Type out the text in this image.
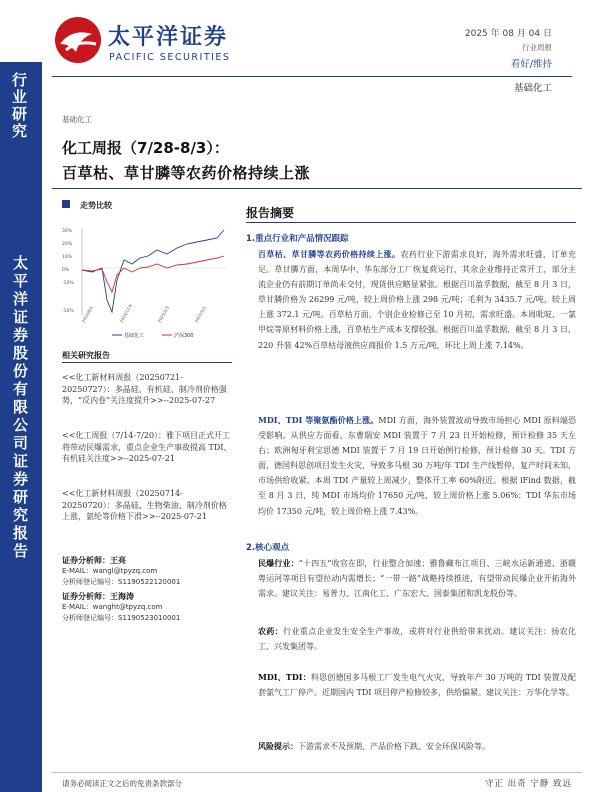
行业研究
太平洋证券股份有限公司证券研究报告
太平洋证券
PACIFIC SECURITIES
2025 年 08 月 04 日
行业周报
看好/维持
基础化工
基础化工
化工周报（7/28-8/3）：
百草枯、草甘膦等农药价格持续上涨
走势比较
30%
20%
10%
0%
-10%
-10% 2024/8/5	2024/11/4	2025/2/3	2025/5/5
基础化工	沪深300
相关研究报告
<<化工新材料周报（20250721-20250727）：多晶硅、有机硅、制冷剂价格强势，“反内卷”关注度提升>>--2025-07-27
<<化工周报（7/14-7/20）：雅下项目正式开工将带动民爆需求，重点企业生产事故提高 TDI、有机硅关注度>>--2025-07-21
<<化工新材料周报（20250714-20250720）：多晶硅、生物柴油、制冷剂价格上涨，氨纶等价格下滑>>--2025-07-21
证券分析师：王亮
E-MAIL：wangl@tpyzq.com
分析师登记编号：S1190522120001
证券分析师：王海涛
E-MAIL：wanght@tpyzq.com
分析师登记编号：S1190523010001
报告摘要
1.重点行业和产品情况跟踪
百草枯、草甘膦等农药价格持续上涨。农药行业下游需求良好，海外需求旺盛，订单充足。草甘膦方面，本周华中、华东部分工厂恢复荷运行，其余企业维持正常开工，部分主流企业仍有前期订单尚未交付，现货供应略显紧张。根据百川盈孚数据，截至 8 月 3 日，草甘膦价格为 26299 元/吨，较上周价格上涨 298 元/吨；毛利为 3435.7 元/吨，较上周上涨 372.1 元/吨。百草枯方面，个别企业检修已至 10 月初，需求旺盛。本周吡啶、一氯甲烷等原材料价格上涨，百草枯生产成本支撑较强。根据百川盈孚数据，截至 8 月 3 日，220 升装 42%百草枯母液供应商报价 1.5 万元/吨，环比上周上涨 7.14%。
MDI、TDI 等聚氨酯价格上涨。MDI 方面，海外装置波动导致市场担心 MDI 原料端恐受影响。从供应方面看，东曹瑞安 MDI 装置于 7 月 23 日开始检修，预计检修 35 天左右；欧洲匈牙利宝思德 MDI 装置于 7 月 19 日开始例行检修，预计检修 30 天。TDI 方面，德国科思创项目发生火灾，导致多马根 30 万吨/年 TDI 生产线暂停，复产时间未知，市场供给收紧。本周 TDI 产量较上周减少，整体开工率 60%附近。根据 iFind 数据，截至 8 月 3 日，纯 MDI 市场均价 17650 元/吨，较上周价格上涨 5.06%；TDI 华东市场均价 17350 元/吨，较上周价格上涨 7.43%。
2.核心观点
民爆行业：“十四五”收官在即，行业整合加速；雅鲁藏布江项目、三峡水运新通道、浙赣粤运河等项目有望拉动内需增长；“一带一路”战略持续推进，有望带动民爆企业开拓海外需求。建议关注：易普力、江南化工、广东宏大、国泰集团和凯龙股份等。
农药：行业重点企业发生安全生产事故，或将对行业供给带来扰动。建议关注：扬农化工、兴发集团等。
MDI、TDI：科思创德国多马根工厂发生电气火灾，导致年产 30 万吨的 TDI 装置及配套氯气工厂停产。近期国内 TDI 项目停产检修较多，供给偏紧。建议关注：万华化学等。
风险提示：下游需求不及预期、产品价格下跌、安全环保风险等。
请务必阅读正文之后的免责条款部分	守正 出奇 宁静 致远
